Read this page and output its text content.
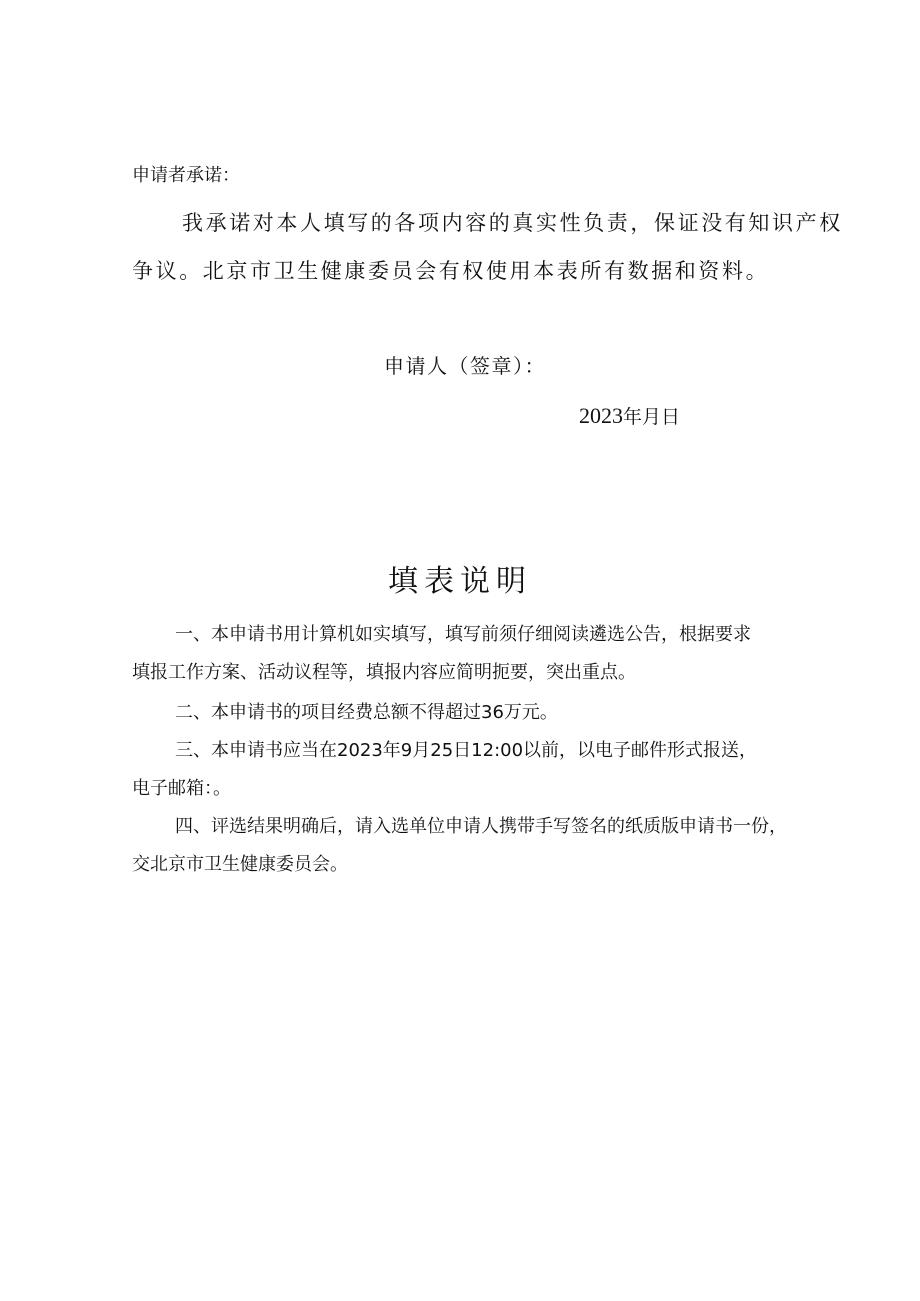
申请者承诺：
我承诺对本人填写的各项内容的真实性负责，保证没有知识产权
争议。北京市卫生健康委员会有权使用本表所有数据和资料。
申请人（签章）：
2023年月日
填表说明
一、本申请书用计算机如实填写，填写前须仔细阅读遴选公告，根据要求
填报工作方案、活动议程等，填报内容应简明扼要，突出重点。
二、本申请书的项目经费总额不得超过36万元。
三、本申请书应当在2023年9月25日12:00以前，以电子邮件形式报送，
电子邮箱：。
四、评选结果明确后，请入选单位申请人携带手写签名的纸质版申请书一份，
交北京市卫生健康委员会。
